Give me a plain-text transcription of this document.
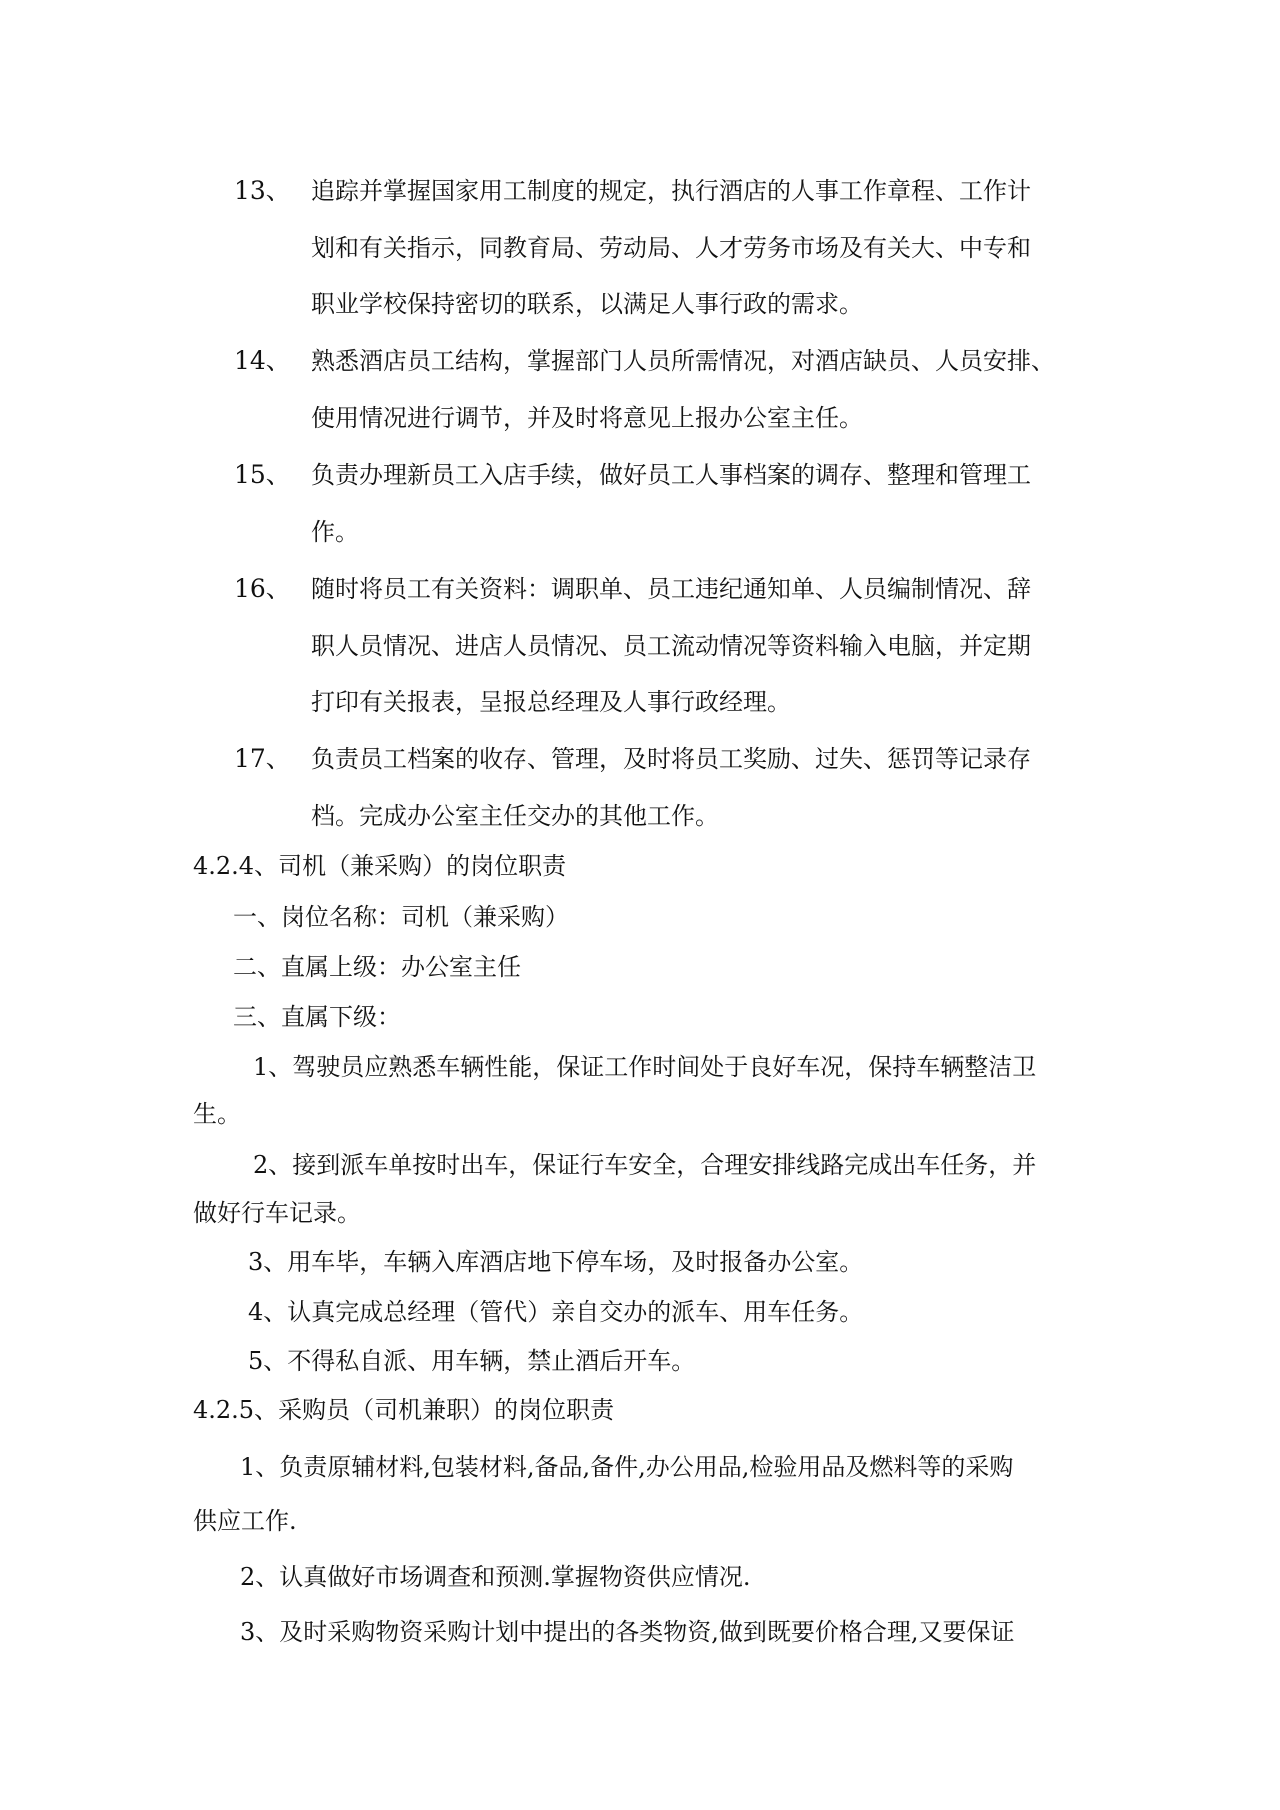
13、 追踪并掌握国家用工制度的规定，执行酒店的人事工作章程、工作计
划和有关指示，同教育局、劳动局、人才劳务市场及有关大、中专和
职业学校保持密切的联系，以满足人事行政的需求。
14、 熟悉酒店员工结构，掌握部门人员所需情况，对酒店缺员、人员安排、
使用情况进行调节，并及时将意见上报办公室主任。
15、 负责办理新员工入店手续，做好员工人事档案的调存、整理和管理工
作。
16、 随时将员工有关资料：调职单、员工违纪通知单、人员编制情况、辞
职人员情况、进店人员情况、员工流动情况等资料输入电脑，并定期
打印有关报表，呈报总经理及人事行政经理。
17、 负责员工档案的收存、管理，及时将员工奖励、过失、惩罚等记录存
档。完成办公室主任交办的其他工作。
4.2.4、司机（兼采购）的岗位职责
一、岗位名称：司机（兼采购）
二、直属上级：办公室主任
三、直属下级：
1、驾驶员应熟悉车辆性能，保证工作时间处于良好车况，保持车辆整洁卫
生。
2、接到派车单按时出车，保证行车安全，合理安排线路完成出车任务，并
做好行车记录。
3、用车毕，车辆入库酒店地下停车场，及时报备办公室。
4、认真完成总经理（管代）亲自交办的派车、用车任务。
5、不得私自派、用车辆，禁止酒后开车。
4.2.5、采购员（司机兼职）的岗位职责
1、负责原辅材料,包装材料,备品,备件,办公用品,检验用品及燃料等的采购
供应工作.
2、认真做好市场调查和预测.掌握物资供应情况.
3、及时采购物资采购计划中提出的各类物资,做到既要价格合理,又要保证
